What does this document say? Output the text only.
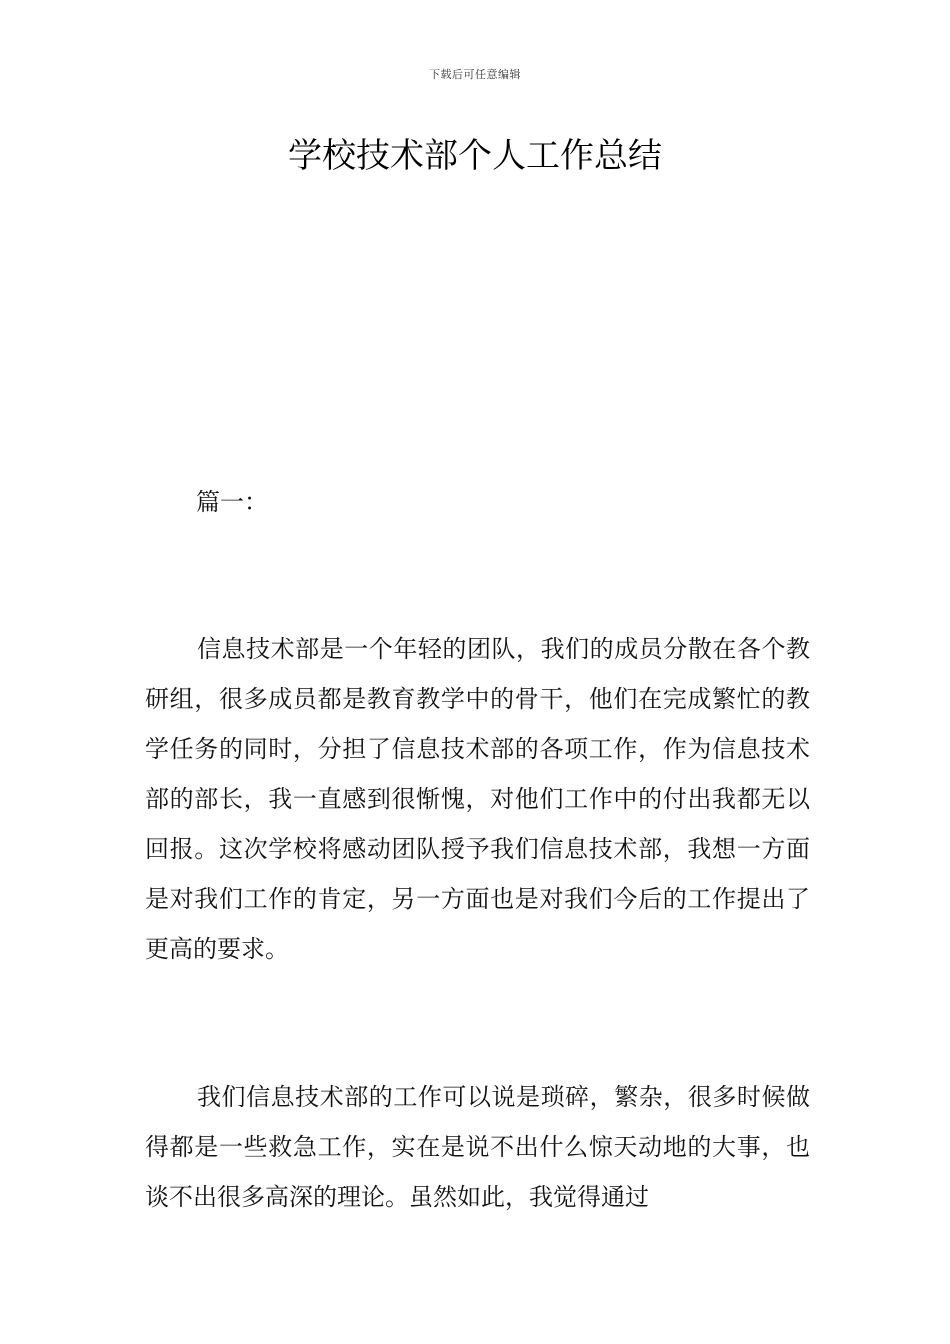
下载后可任意编辑
学校技术部个人工作总结
篇一：

信息技术部是一个年轻的团队，我们的成员分散在各个教研组，很多成员都是教育教学中的骨干，他们在完成繁忙的教学任务的同时，分担了信息技术部的各项工作，作为信息技术部的部长，我一直感到很惭愧，对他们工作中的付出我都无以回报。这次学校将感动团队授予我们信息技术部，我想一方面是对我们工作的肯定，另一方面也是对我们今后的工作提出了更高的要求。

我们信息技术部的工作可以说是琐碎，繁杂，很多时候做得都是一些救急工作，实在是说不出什么惊天动地的大事，也谈不出很多高深的理论。虽然如此，我觉得通过
